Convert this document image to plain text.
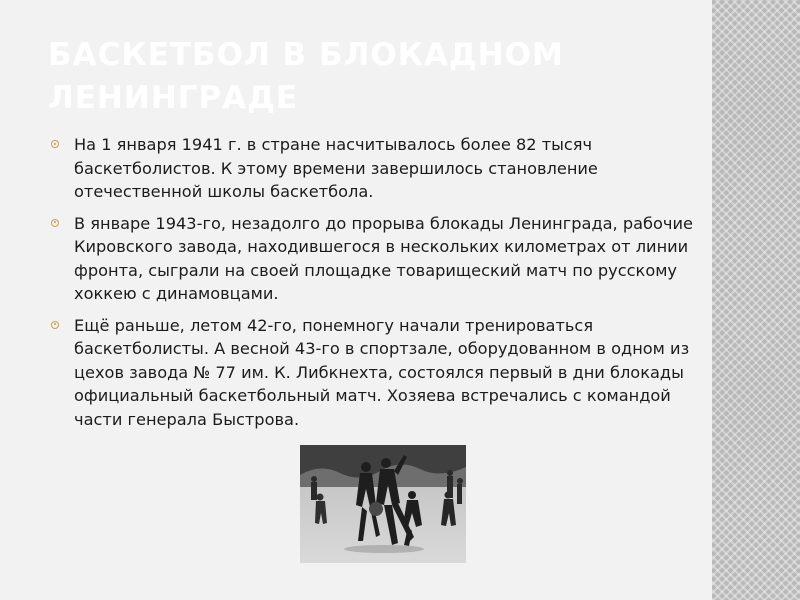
БАСКЕТБОЛ В БЛОКАДНОМ ЛЕНИНГРАДЕ
На 1 января 1941 г. в стране насчитывалось более 82 тысяч баскетболистов. К этому времени завершилось становление отечественной школы баскетбола.
В январе 1943-го, незадолго до прорыва блокады Ленинграда, рабочие Кировского завода, находившегося в нескольких километрах от линии фронта, сыграли на своей площадке товарищеский матч по русскому хоккею с динамовцами.
Ещё раньше, летом 42-го, понемногу начали тренироваться баскетболисты. А весной 43-го в спортзале, оборудованном в одном из цехов завода № 77 им. К. Либкнехта, состоялся первый в дни блокады официальный баскетбольный матч. Хозяева встречались с командой части генерала Быстрова.
